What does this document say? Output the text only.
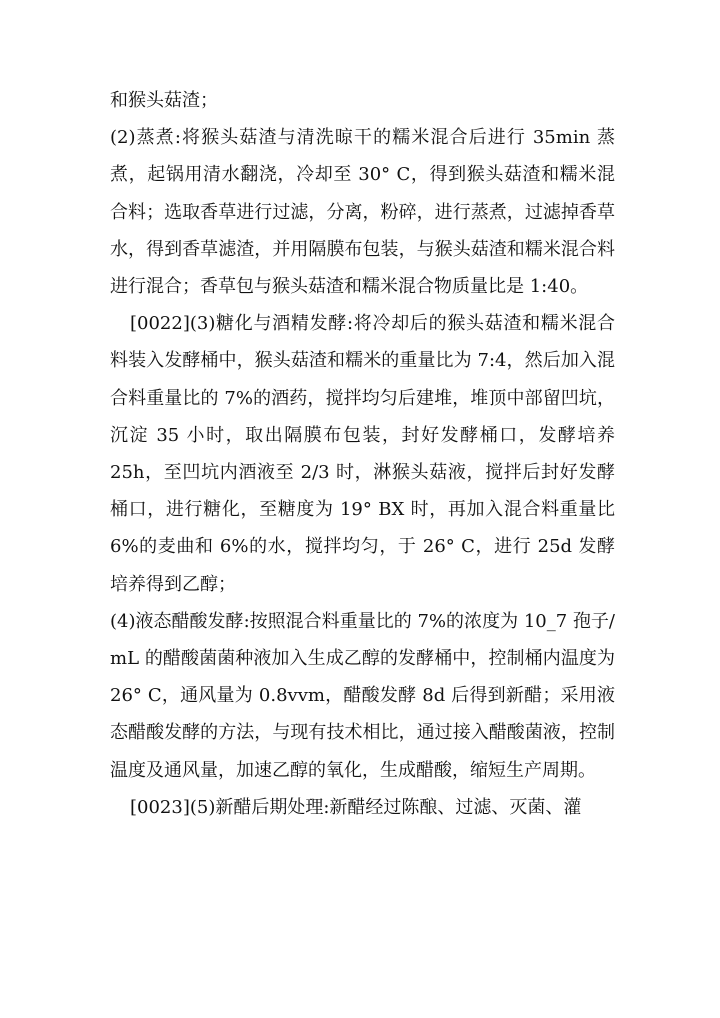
和猴头菇渣；

(2)蒸煮:将猴头菇渣与清洗晾干的糯米混合后进行 35min 蒸煮，起锅用清水翻浇，冷却至 30° C，得到猴头菇渣和糯米混合料；选取香草进行过滤，分离，粉碎，进行蒸煮，过滤掉香草水，得到香草滤渣，并用隔膜布包装，与猴头菇渣和糯米混合料进行混合；香草包与猴头菇渣和糯米混合物质量比是 1:40。

[0022](3)糖化与酒精发酵:将冷却后的猴头菇渣和糯米混合料装入发酵桶中，猴头菇渣和糯米的重量比为 7:4，然后加入混合料重量比的 7%的酒药，搅拌均匀后建堆，堆顶中部留凹坑，沉淀 35 小时，取出隔膜布包装，封好发酵桶口，发酵培养 25h，至凹坑内酒液至 2/3 时，淋猴头菇液，搅拌后封好发酵桶口，进行糖化，至糖度为 19° BX 时，再加入混合料重量比 6%的麦曲和 6%的水，搅拌均匀，于 26° C，进行 25d 发酵培养得到乙醇；

(4)液态醋酸发酵:按照混合料重量比的 7%的浓度为 10_7 孢子/ mL 的醋酸菌菌种液加入生成乙醇的发酵桶中，控制桶内温度为 26° C，通风量为 0.8vvm，醋酸发酵 8d 后得到新醋；采用液态醋酸发酵的方法，与现有技术相比，通过接入醋酸菌液，控制温度及通风量，加速乙醇的氧化，生成醋酸，缩短生产周期。

[0023](5)新醋后期处理:新醋经过陈酿、过滤、灭菌、灌
